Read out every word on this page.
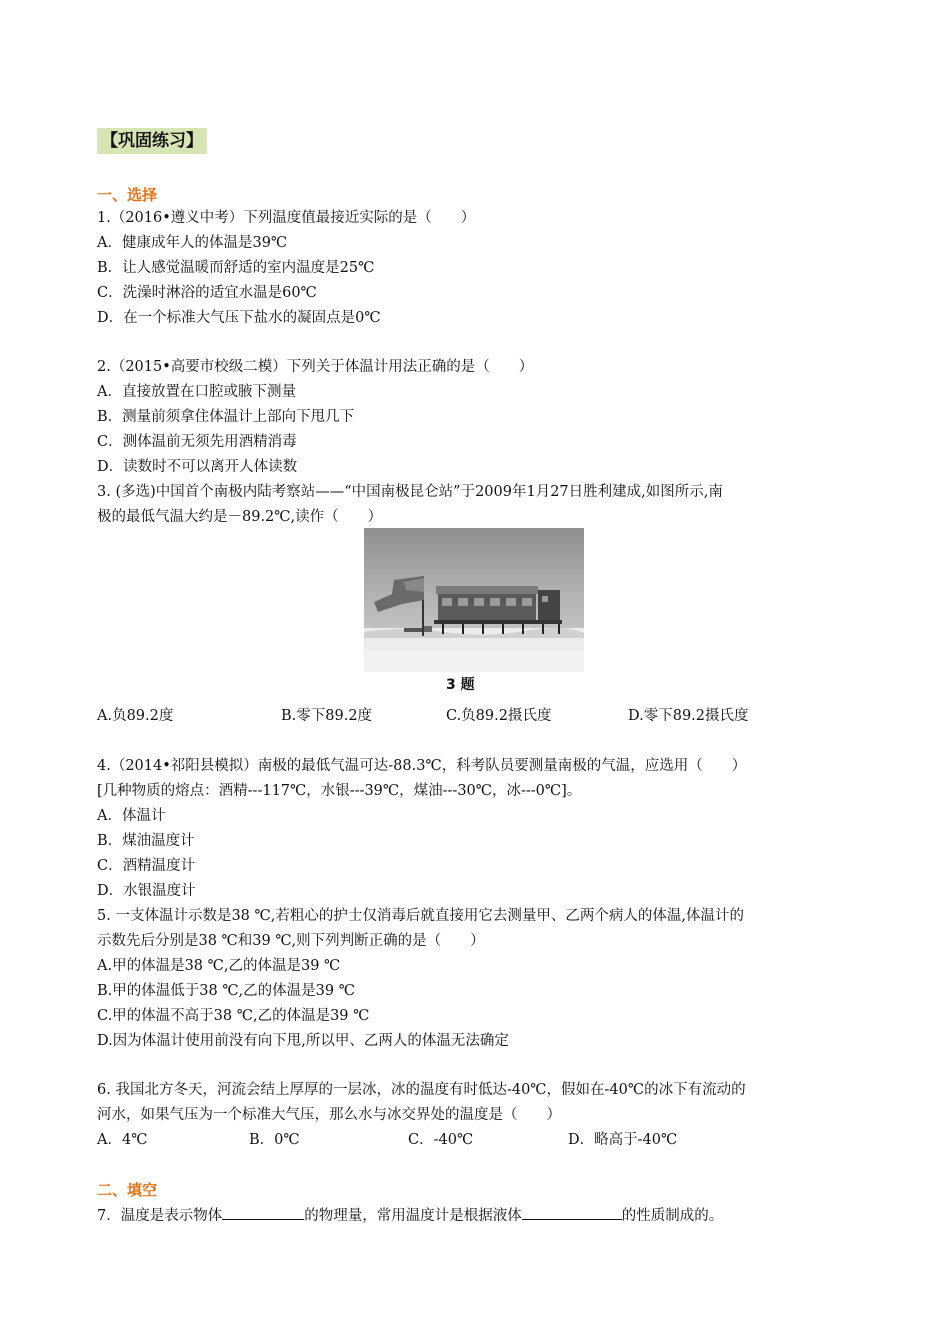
【巩固练习】
一、选择
1.（2016•遵义中考）下列温度值最接近实际的是（　　）
A．健康成年人的体温是39℃
B．让人感觉温暖而舒适的室内温度是25℃
C．洗澡时淋浴的适宜水温是60℃
D．在一个标准大气压下盐水的凝固点是0℃
2.（2015•高要市校级二模）下列关于体温计用法正确的是（　　）
A．直接放置在口腔或腋下测量
B．测量前须拿住体温计上部向下甩几下
C．测体温前无须先用酒精消毒
D．读数时不可以离开人体读数
3. (多选)中国首个南极内陆考察站——“中国南极昆仑站”于2009年1月27日胜利建成,如图所示,南
极的最低气温大约是－89.2℃,读作（　　）
3 题
A.负89.2度	B.零下89.2度	C.负89.2摄氏度	D.零下89.2摄氏度
4.（2014•祁阳县模拟）南极的最低气温可达-88.3℃，科考队员要测量南极的气温，应选用（　　）
[几种物质的熔点：酒精---117℃，水银---39℃，煤油---30℃，冰---0℃]。
A．体温计
B．煤油温度计
C．酒精温度计
D．水银温度计
5. 一支体温计示数是38 ℃,若粗心的护士仅消毒后就直接用它去测量甲、乙两个病人的体温,体温计的
示数先后分别是38 ℃和39 ℃,则下列判断正确的是（　　）
A.甲的体温是38 ℃,乙的体温是39 ℃
B.甲的体温低于38 ℃,乙的体温是39 ℃
C.甲的体温不高于38 ℃,乙的体温是39 ℃
D.因为体温计使用前没有向下甩,所以甲、乙两人的体温无法确定
6. 我国北方冬天，河流会结上厚厚的一层冰，冰的温度有时低达-40℃，假如在-40℃的冰下有流动的
河水，如果气压为一个标准大气压，那么水与冰交界处的温度是（　　）
A．4℃	B．0℃	C．-40℃	D．略高于-40℃
二、填空
7．温度是表示物体	的物理量，常用温度计是根据液体	的性质制成的。
